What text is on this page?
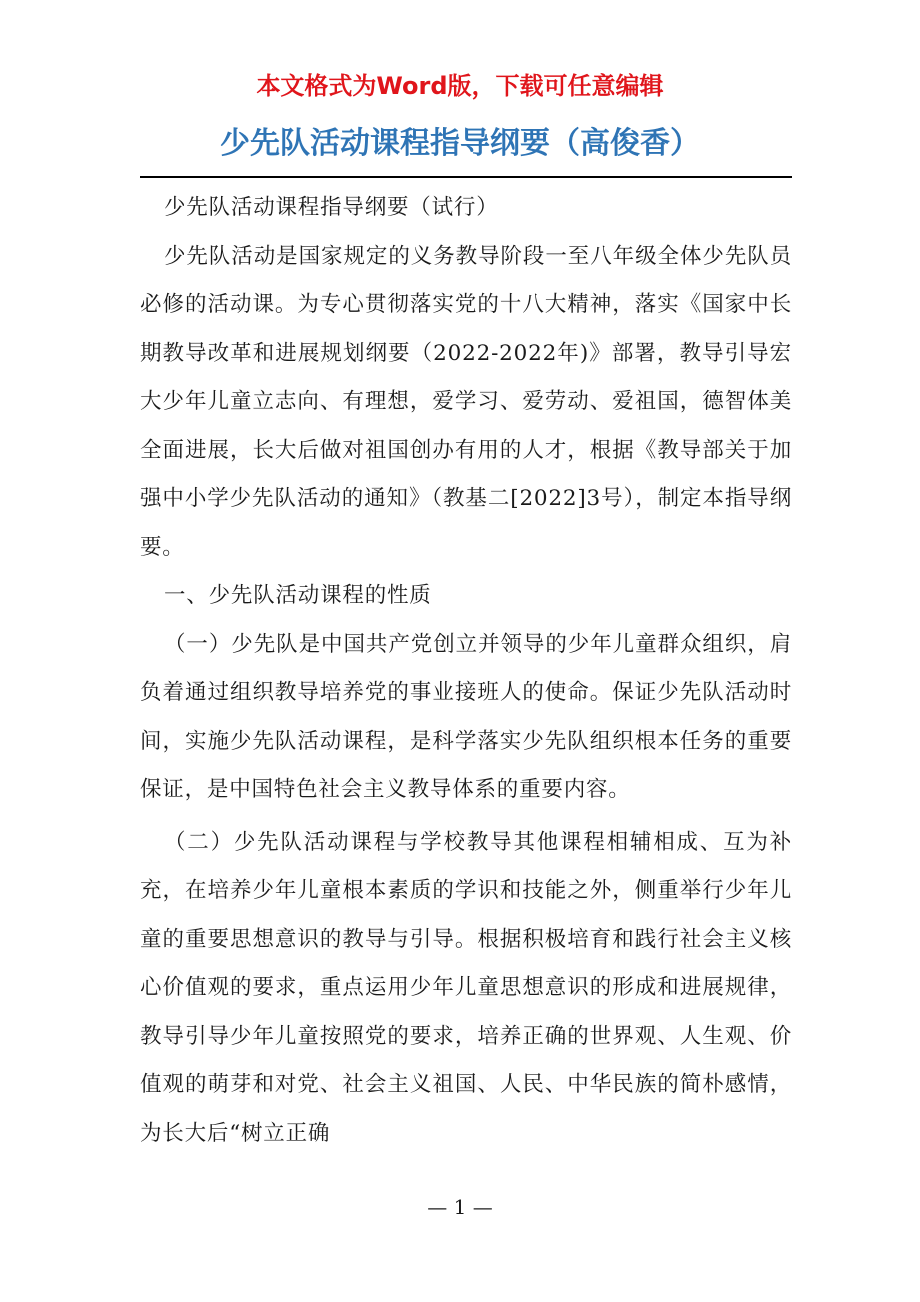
本文格式为Word版，下载可任意编辑
少先队活动课程指导纲要（高俊香）

少先队活动课程指导纲要（试行）

少先队活动是国家规定的义务教导阶段一至八年级全体少先队员必修的活动课。为专心贯彻落实党的十八大精神，落实《国家中长期教导改革和进展规划纲要（2022-2022年)》部署，教导引导宏大少年儿童立志向、有理想，爱学习、爱劳动、爱祖国，德智体美全面进展，长大后做对祖国创办有用的人才，根据《教导部关于加强中小学少先队活动的通知》（教基二[2022]3号），制定本指导纲要。

一、少先队活动课程的性质

（一）少先队是中国共产党创立并领导的少年儿童群众组织，肩负着通过组织教导培养党的事业接班人的使命。保证少先队活动时间，实施少先队活动课程，是科学落实少先队组织根本任务的重要保证，是中国特色社会主义教导体系的重要内容。

（二）少先队活动课程与学校教导其他课程相辅相成、互为补充，在培养少年儿童根本素质的学识和技能之外，侧重举行少年儿童的重要思想意识的教导与引导。根据积极培育和践行社会主义核心价值观的要求，重点运用少年儿童思想意识的形成和进展规律，教导引导少年儿童按照党的要求，培养正确的世界观、人生观、价值观的萌芽和对党、社会主义祖国、人民、中华民族的简朴感情，为长大后“树立正确

— 1 —
